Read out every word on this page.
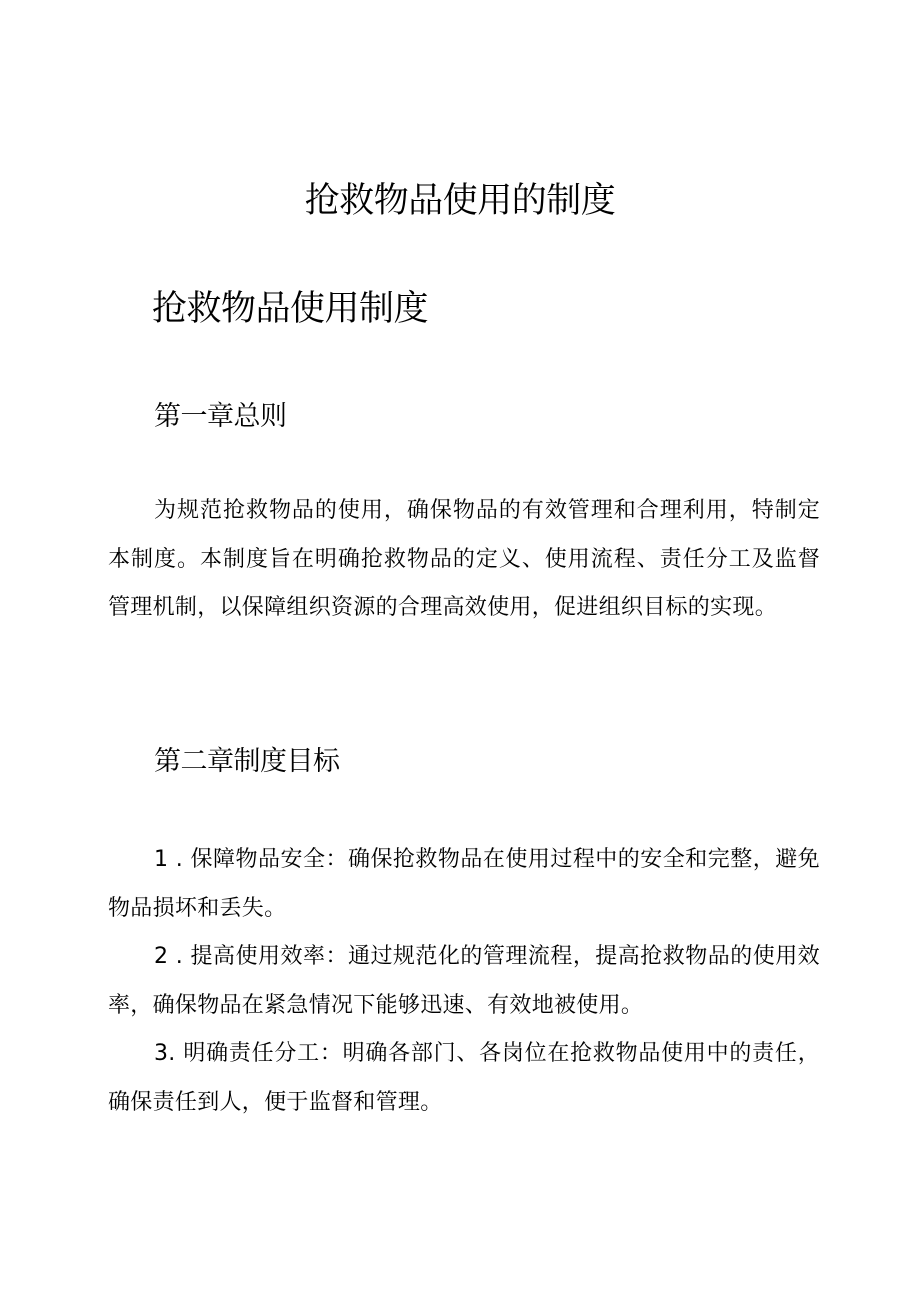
抢救物品使用的制度
抢救物品使用制度
第一章总则

为规范抢救物品的使用，确保物品的有效管理和合理利用，特制定本制度。本制度旨在明确抢救物品的定义、使用流程、责任分工及监督管理机制，以保障组织资源的合理高效使用，促进组织目标的实现。

第二章制度目标

1 . 保障物品安全：确保抢救物品在使用过程中的安全和完整，避免物品损坏和丢失。

2 . 提高使用效率：通过规范化的管理流程，提高抢救物品的使用效率，确保物品在紧急情况下能够迅速、有效地被使用。

3. 明确责任分工：明确各部门、各岗位在抢救物品使用中的责任，确保责任到人，便于监督和管理。
